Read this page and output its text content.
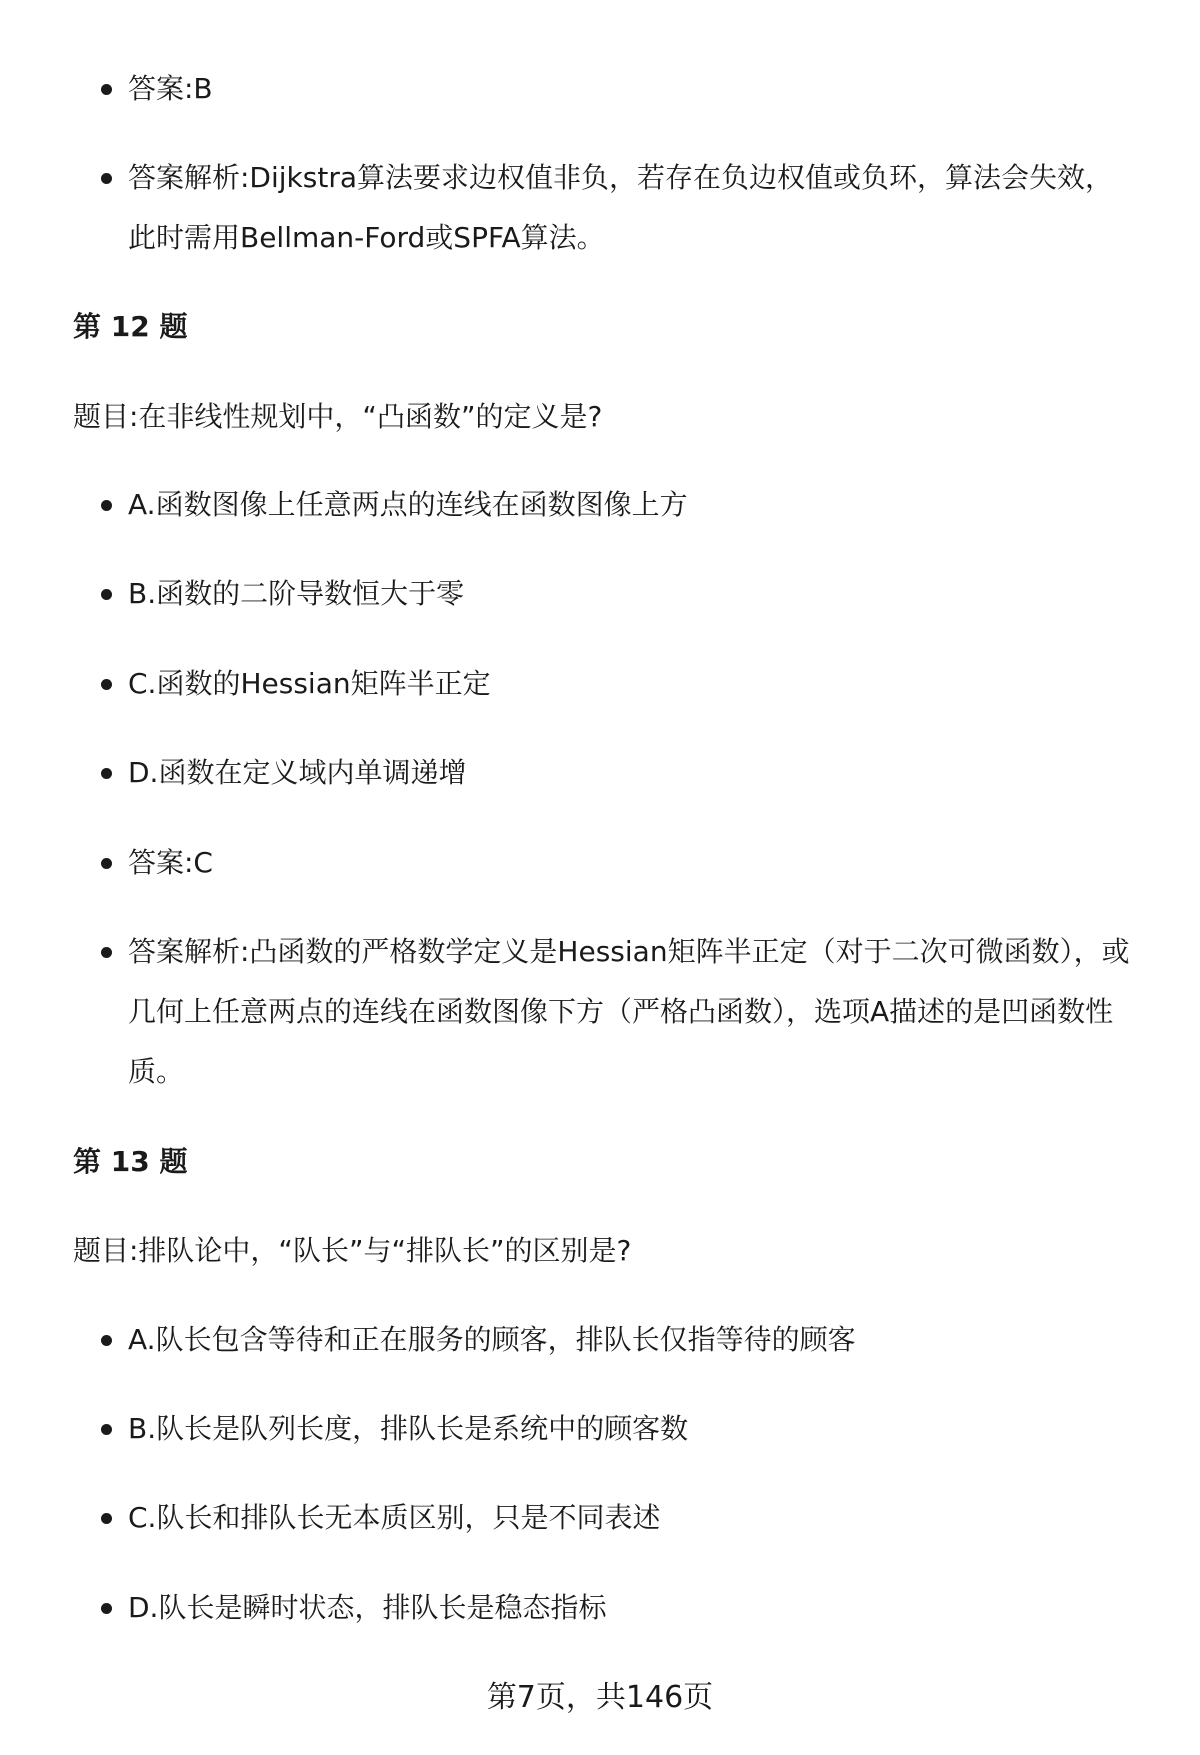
答案:B
答案解析:Dijkstra算法要求边权值非负，若存在负边权值或负环，算法会失效，此时需用Bellman-Ford或SPFA算法。
第 12 题
题目:在非线性规划中，“凸函数”的定义是?
A.函数图像上任意两点的连线在函数图像上方
B.函数的二阶导数恒大于零
C.函数的Hessian矩阵半正定
D.函数在定义域内单调递增
答案:C
答案解析:凸函数的严格数学定义是Hessian矩阵半正定（对于二次可微函数），或几何上任意两点的连线在函数图像下方（严格凸函数），选项A描述的是凹函数性质。
第 13 题
题目:排队论中，“队长”与“排队长”的区别是?
A.队长包含等待和正在服务的顾客，排队长仅指等待的顾客
B.队长是队列长度，排队长是系统中的顾客数
C.队长和排队长无本质区别，只是不同表述
D.队长是瞬时状态，排队长是稳态指标
第7页，共146页
